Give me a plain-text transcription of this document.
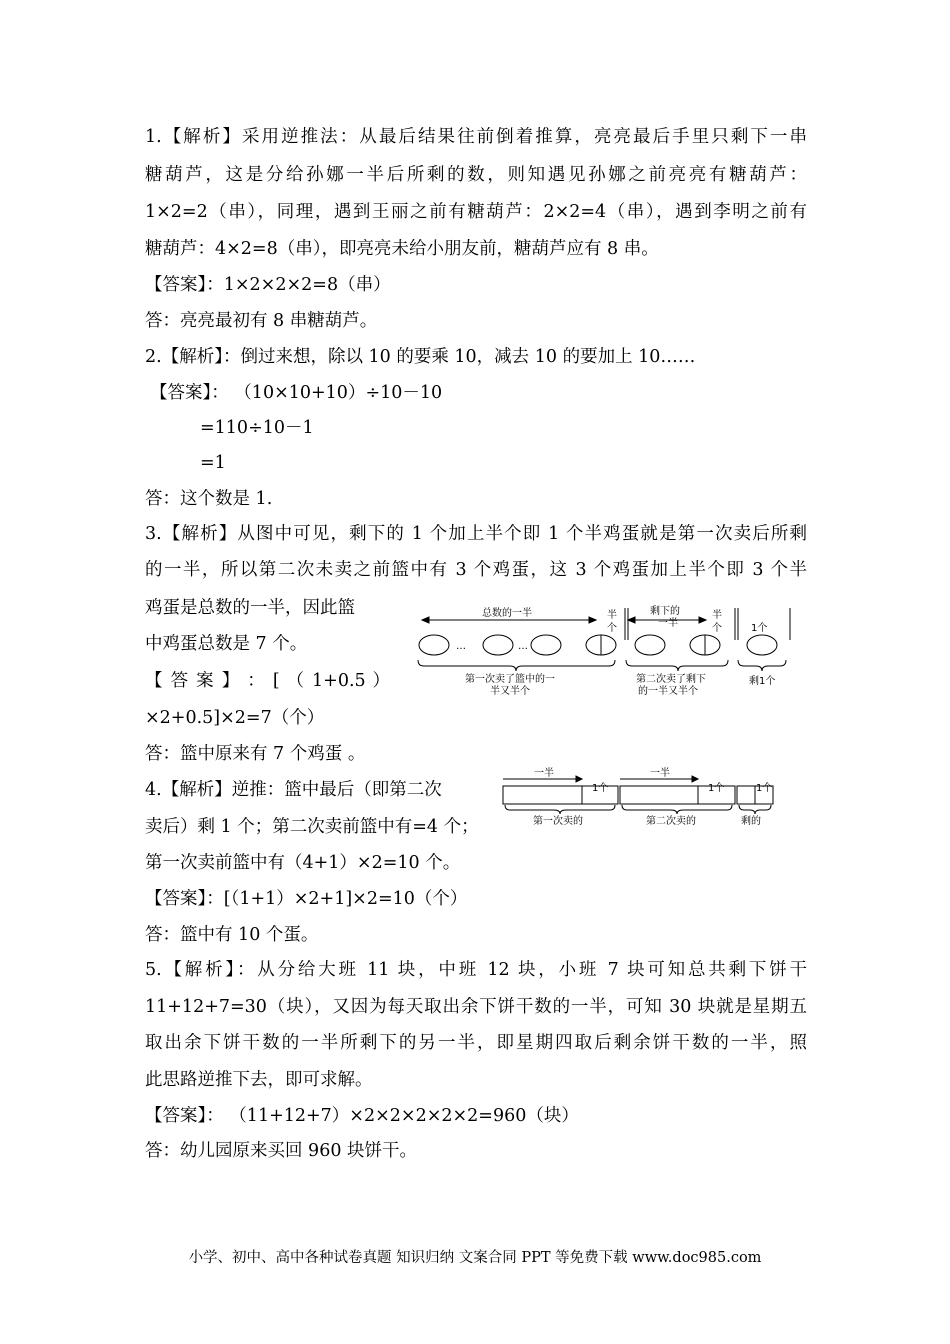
1.【解析】采用逆推法：从最后结果往前倒着推算，亮亮最后手里只剩下一串
糖葫芦，这是分给孙娜一半后所剩的数，则知遇见孙娜之前亮亮有糖葫芦：
1×2=2（串），同理，遇到王丽之前有糖葫芦：2×2=4（串），遇到李明之前有
糖葫芦：4×2=8（串），即亮亮未给小朋友前，糖葫芦应有 8 串。
【答案】：1×2×2×2=8（串）
答：亮亮最初有 8 串糖葫芦。
2.【解析】：倒过来想，除以 10 的要乘 10，减去 10 的要加上 10……
【答案】： （10×10+10）÷10－10
=110÷10－1
=1
答：这个数是 1.
3.【解析】从图中可见，剩下的 1 个加上半个即 1 个半鸡蛋就是第一次卖后所剩
的一半，所以第二次未卖之前篮中有 3 个鸡蛋，这 3 个鸡蛋加上半个即 3 个半
鸡蛋是总数的一半，因此篮
中鸡蛋总数是 7 个。
【 答 案 】 ： [ （ 1+0.5 ）
×2+0.5]×2=7（个）
答：篮中原来有 7 个鸡蛋 。
4.【解析】逆推：篮中最后（即第二次
卖后）剩 1 个；第二次卖前篮中有=4 个；
第一次卖前篮中有（4+1）×2=10 个。
【答案】：[（1+1）×2+1]×2=10（个）
答：篮中有 10 个蛋。
5.【解析】：从分给大班 11 块，中班 12 块，小班 7 块可知总共剩下饼干
11+12+7=30（块），又因为每天取出余下饼干数的一半，可知 30 块就是星期五
取出余下饼干数的一半所剩下的另一半，即星期四取后剩余饼干数的一半，照
此思路逆推下去，即可求解。
【答案】： （11+12+7）×2×2×2×2×2=960（块）
答：幼儿园原来买回 960 块饼干。
总数的一半	半
个
剩下的
一半
半
个	1个
…	…
第一次卖了篮中的一
半又半个
第二次卖了剩下
的一半又半个
剩1个
一半
1个
一半
1个	1个
第一次卖的	第二次卖的	剩的
小学、初中、高中各种试卷真题 知识归纳 文案合同 PPT 等免费下载 www.doc985.com
